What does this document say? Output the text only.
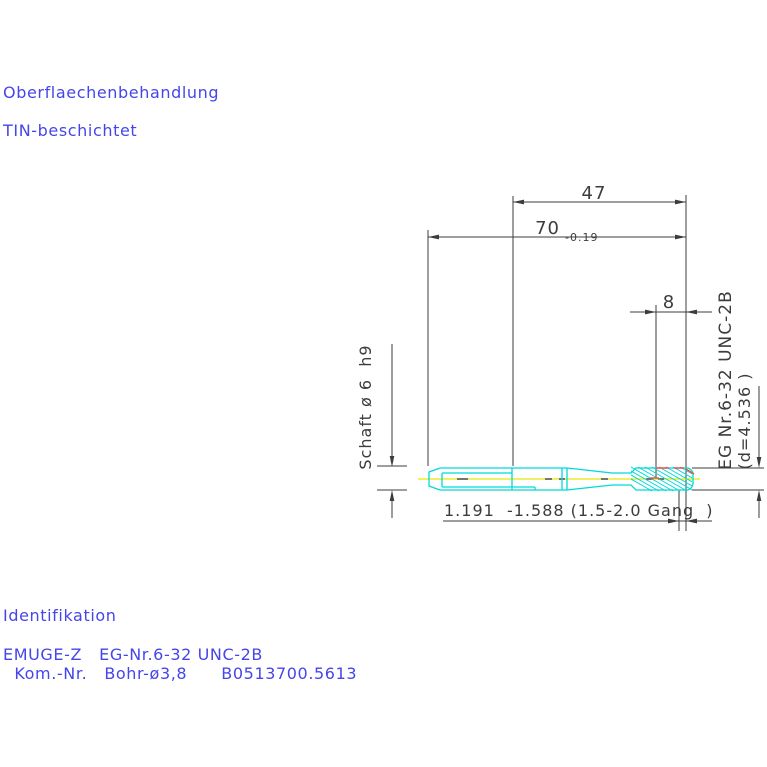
Oberflaechenbehandlung
TIN-beschichtet
Identifikation
EMUGE-Z   EG-Nr.6-32 UNC-2B
Kom.-Nr.   Bohr-ø3,8      B0513700.5613
47
70 -0.19
8
Schaft ø 6  h9	EG Nr.6-32 UNC-2B (d=4.536 )
1.191  -1.588 (1.5-2.0 Gang  )
